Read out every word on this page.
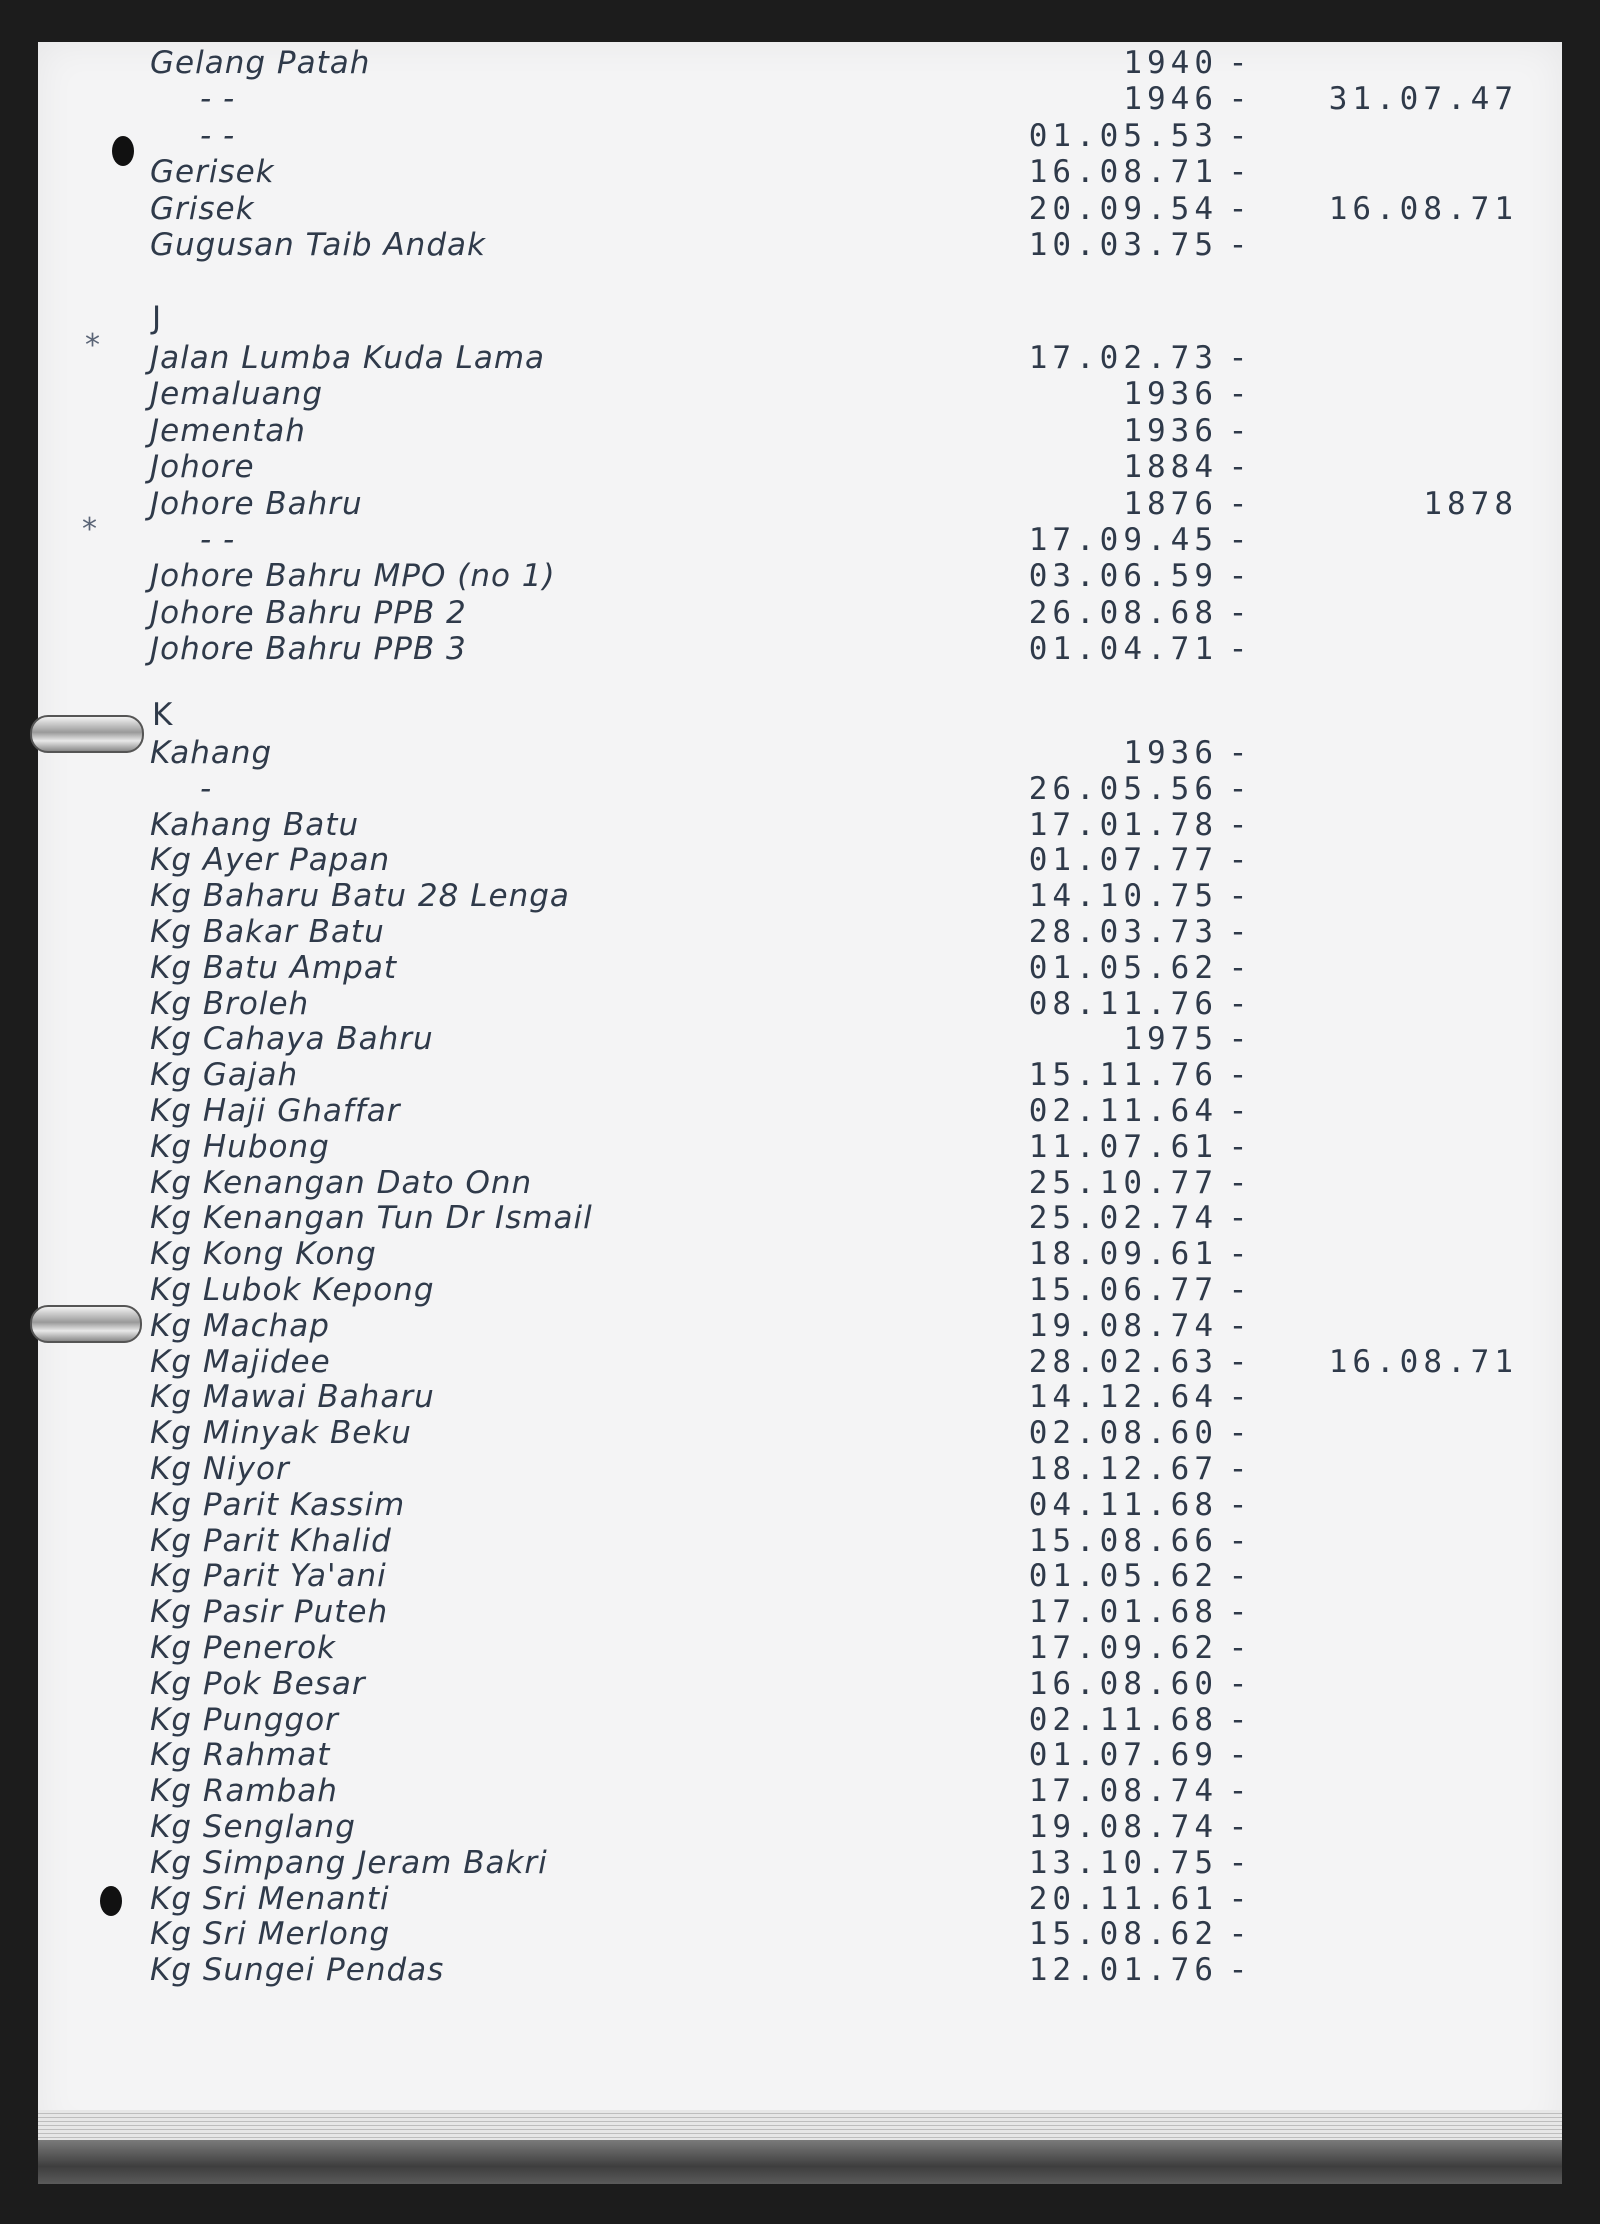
*
*
Gelang Patah	1940 -
- -	1946 -	31.07.47
- -	01.05.53 -
Gerisek	16.08.71 -
Grisek	20.09.54 -	16.08.71
Gugusan Taib Andak	10.03.75 -
J
Jalan Lumba Kuda Lama	17.02.73 -
Jemaluang	1936 -
Jementah	1936 -
Johore	1884 -
Johore Bahru	1876 -	1878
- -	17.09.45 -
Johore Bahru MPO (no 1)	03.06.59 -
Johore Bahru PPB 2	26.08.68 -
Johore Bahru PPB 3	01.04.71 -
K
Kahang	1936 -
-	26.05.56 -
Kahang Batu	17.01.78 -
Kg Ayer Papan	01.07.77 -
Kg Baharu Batu 28 Lenga	14.10.75 -
Kg Bakar Batu	28.03.73 -
Kg Batu Ampat	01.05.62 -
Kg Broleh	08.11.76 -
Kg Cahaya Bahru	1975 -
Kg Gajah	15.11.76 -
Kg Haji Ghaffar	02.11.64 -
Kg Hubong	11.07.61 -
Kg Kenangan Dato Onn	25.10.77 -
Kg Kenangan Tun Dr Ismail	25.02.74 -
Kg Kong Kong	18.09.61 -
Kg Lubok Kepong	15.06.77 -
Kg Machap	19.08.74 -
Kg Majidee	28.02.63 -	16.08.71
Kg Mawai Baharu	14.12.64 -
Kg Minyak Beku	02.08.60 -
Kg Niyor	18.12.67 -
Kg Parit Kassim	04.11.68 -
Kg Parit Khalid	15.08.66 -
Kg Parit Ya'ani	01.05.62 -
Kg Pasir Puteh	17.01.68 -
Kg Penerok	17.09.62 -
Kg Pok Besar	16.08.60 -
Kg Punggor	02.11.68 -
Kg Rahmat	01.07.69 -
Kg Rambah	17.08.74 -
Kg Senglang	19.08.74 -
Kg Simpang Jeram Bakri	13.10.75 -
Kg Sri Menanti	20.11.61 -
Kg Sri Merlong	15.08.62 -
Kg Sungei Pendas	12.01.76 -
